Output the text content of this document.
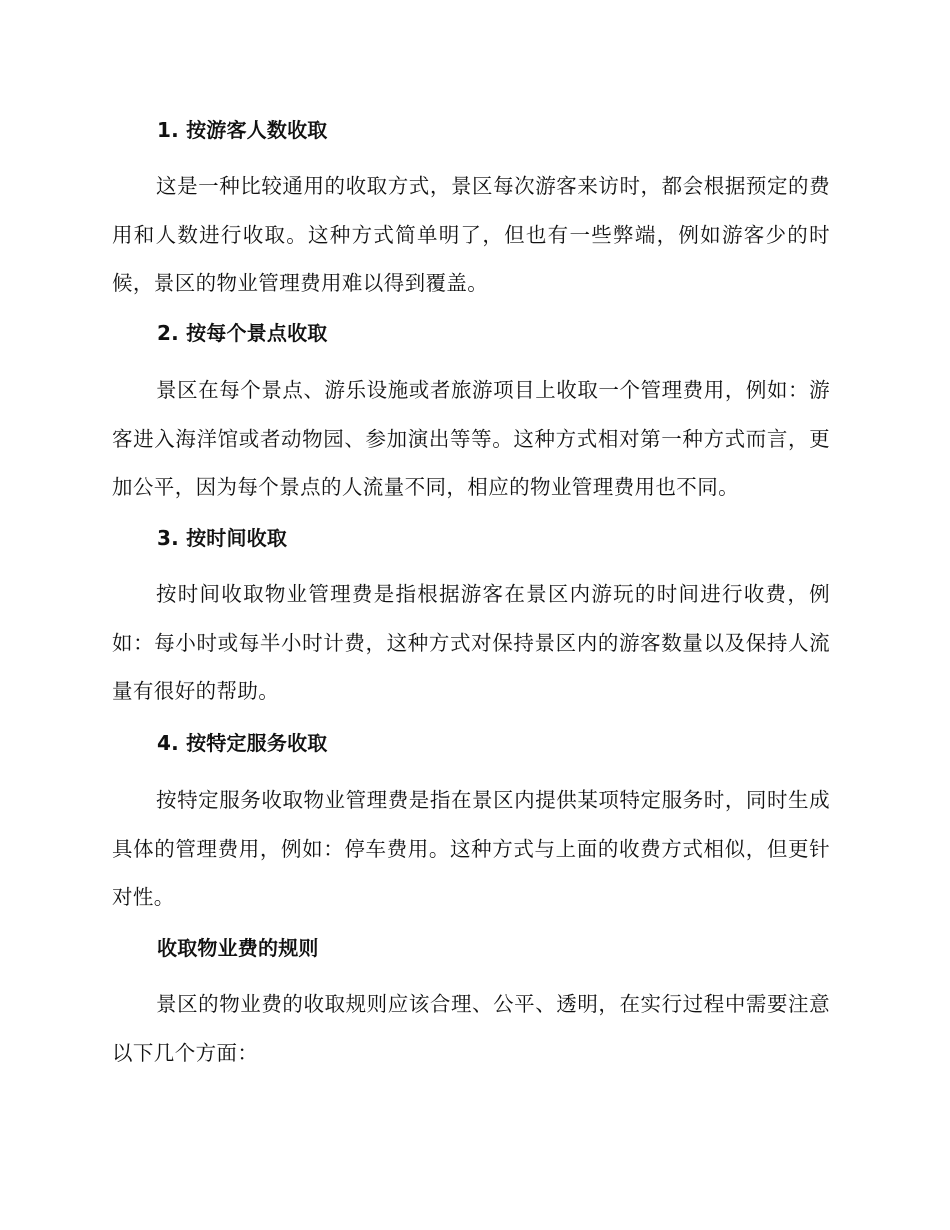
1. 按游客人数收取

这是一种比较通用的收取方式，景区每次游客来访时，都会根据预定的费用和人数进行收取。这种方式简单明了，但也有一些弊端，例如游客少的时候，景区的物业管理费用难以得到覆盖。

2. 按每个景点收取

景区在每个景点、游乐设施或者旅游项目上收取一个管理费用，例如：游客进入海洋馆或者动物园、参加演出等等。这种方式相对第一种方式而言，更加公平，因为每个景点的人流量不同，相应的物业管理费用也不同。

3. 按时间收取

按时间收取物业管理费是指根据游客在景区内游玩的时间进行收费，例如：每小时或每半小时计费，这种方式对保持景区内的游客数量以及保持人流量有很好的帮助。

4. 按特定服务收取

按特定服务收取物业管理费是指在景区内提供某项特定服务时，同时生成具体的管理费用，例如：停车费用。这种方式与上面的收费方式相似，但更针对性。

收取物业费的规则

景区的物业费的收取规则应该合理、公平、透明，在实行过程中需要注意以下几个方面：
